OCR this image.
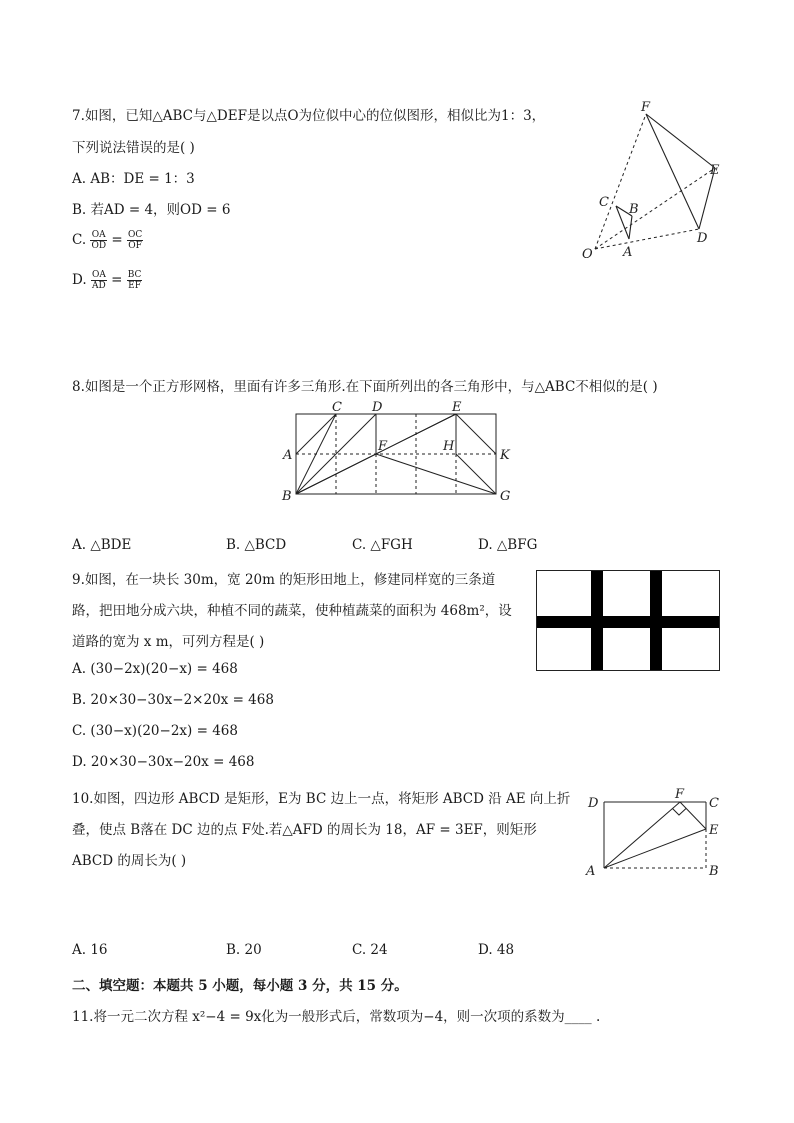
7.如图，已知△ABC与△DEF是以点O为位似中心的位似图形，相似比为1：3，
下列说法错误的是( )
A. AB：DE = 1：3
B. 若AD = 4，则OD = 6
C. $\frac{OA}{OD} = \frac{OC}{OF}$
D. $\frac{OA}{AD} = \frac{BC}{EF}$
F
E
C B
D
O A
8.如图是一个正方形网格，里面有许多三角形.在下面所列出的各三角形中，与△ABC不相似的是( )
C D	E
A
F	H
K
B	G
A. △BDE	B. △BCD	C. △FGH	D. △BFG
9.如图，在一块长 30m，宽 20m 的矩形田地上，修建同样宽的三条道
路，把田地分成六块，种植不同的蔬菜，使种植蔬菜的面积为 468m²，设
道路的宽为 x m，可列方程是( )
A. (30−2x)(20−x) = 468
B. 20×30−30x−2×20x = 468
C. (30−x)(20−2x) = 468
D. 20×30−30x−20x = 468
10.如图，四边形 ABCD 是矩形，E为 BC 边上一点，将矩形 ABCD 沿 AE 向上折
叠，使点 B落在 DC 边的点 F处.若△AFD 的周长为 18，AF = 3EF，则矩形
ABCD 的周长为( )
D
F
C
E
A	B
A. 16	B. 20	C. 24	D. 48
二、填空题：本题共 5 小题，每小题 3 分，共 15 分。
11.将一元二次方程 x²−4 = 9x化为一般形式后，常数项为−4，则一次项的系数为____ .
